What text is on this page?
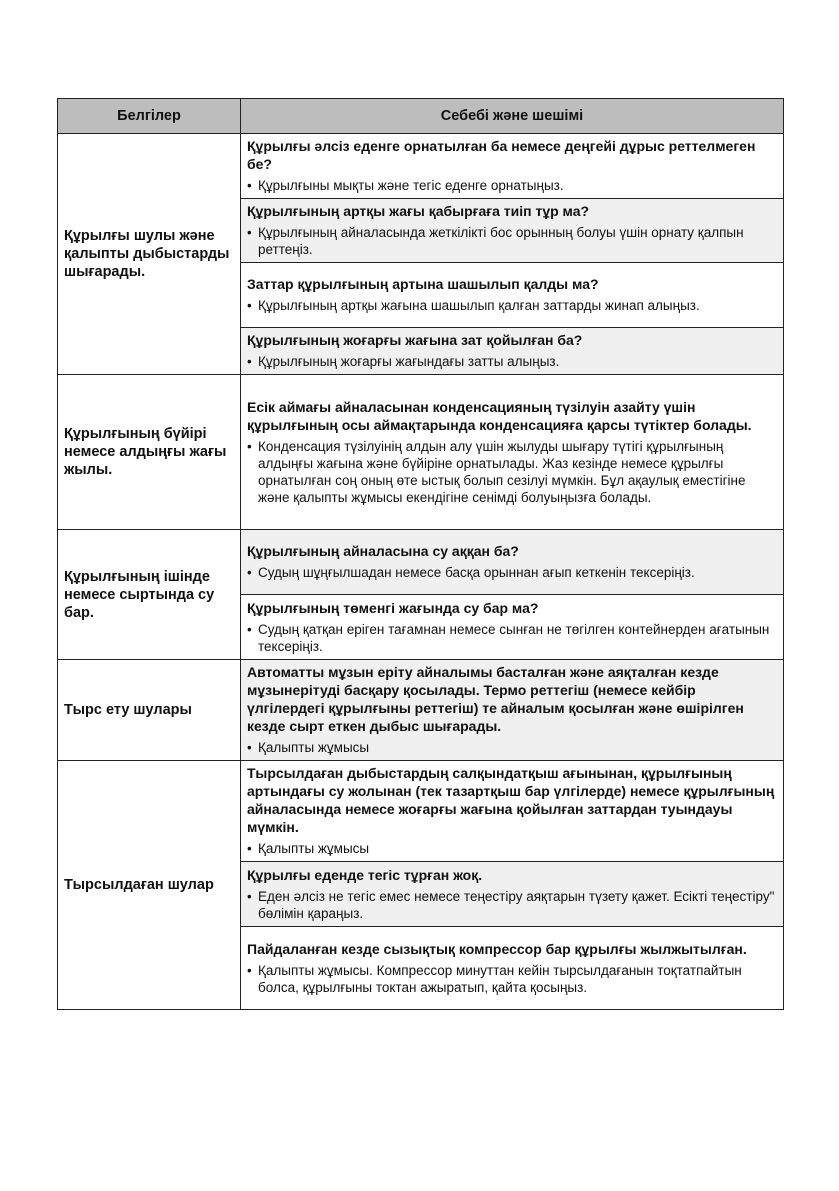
Белгілер	Себебі және шешімі
Құрылғы шулы және қалыпты дыбыстарды шығарады.	Құрылғы әлсіз еденге орнатылған ба немесе деңгейі дұрыс реттелмеген бе?
• Құрылғыны мықты және тегіс еденге орнатыңыз.

	Құрылғының артқы жағы қабырғаға тиіп тұр ма?
• Құрылғының айналасында жеткілікті бос орынның болуы үшін орнату қалпын реттеңіз.

	Заттар құрылғының артына шашылып қалды ма?
• Құрылғының артқы жағына шашылып қалған заттарды жинап алыңыз.

	Құрылғының жоғарғы жағына зат қойылған ба?
• Құрылғының жоғарғы жағындағы затты алыңыз.

Құрылғының бүйірі немесе алдыңғы жағы жылы.	Есік аймағы айналасынан конденсацияның түзілуін азайту үшін құрылғының осы аймақтарында конденсацияға қарсы түтіктер болады.
• Конденсация түзілуінің алдын алу үшін жылуды шығару түтігі құрылғының алдыңғы жағына және бүйіріне орнатылады. Жаз кезінде немесе құрылғы орнатылған соң оның өте ыстық болып сезілуі мүмкін. Бұл ақаулық еместігіне және қалыпты жұмысы екендігіне сенімді болуыңызға болады.

Құрылғының ішінде немесе сыртында су бар.	Құрылғының айналасына су аққан ба?
• Судың шұңғылшадан немесе басқа орыннан ағып кеткенін тексеріңіз.

	Құрылғының төменгі жағында су бар ма?
• Судың қатқан еріген тағамнан немесе сынған не төгілген контейнерден ағатынын тексеріңіз.

Тырс ету шулары	Автоматты мұзын еріту айналымы басталған және аяқталған кезде мұзынерітуді басқару қосылады. Термо реттегіш (немесе кейбір үлгілердегі құрылғыны реттегіш) те айналым қосылған және өшірілген кезде сырт еткен дыбыс шығарады.
• Қалыпты жұмысы

Тырсылдаған шулар	Тырсылдаған дыбыстардың салқындатқыш ағынынан, құрылғының артындағы су жолынан (тек тазартқыш бар үлгілерде) немесе құрылғының айналасында немесе жоғарғы жағына қойылған заттардан туындауы мүмкін.
• Қалыпты жұмысы

	Құрылғы еденде тегіс тұрған жоқ.
• Еден әлсіз не тегіс емес немесе теңестіру аяқтарын түзету қажет. Есікті теңестіру" бөлімін қараңыз.

	Пайдаланған кезде сызықтық компрессор бар құрылғы жылжытылған.
• Қалыпты жұмысы. Компрессор минуттан кейін тырсылдағанын тоқтатпайтын болса, құрылғыны токтан ажыратып, қайта қосыңыз.
